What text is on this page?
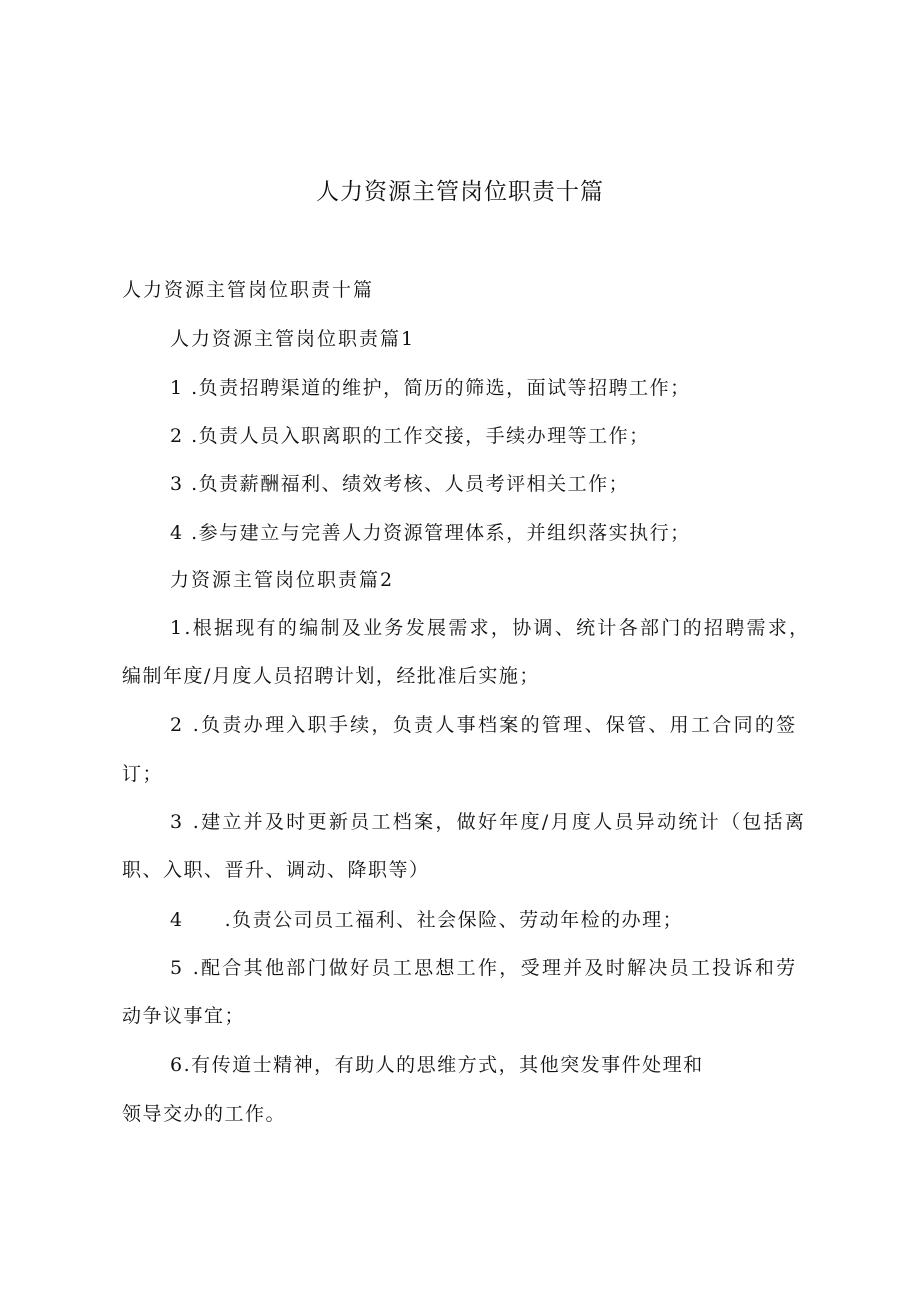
人力资源主管岗位职责十篇
人力资源主管岗位职责十篇
人力资源主管岗位职责篇1
1 .负责招聘渠道的维护，简历的筛选，面试等招聘工作；
2 .负责人员入职离职的工作交接，手续办理等工作；
3 .负责薪酬福利、绩效考核、人员考评相关工作；
4 .参与建立与完善人力资源管理体系，并组织落实执行；
力资源主管岗位职责篇2
1.根据现有的编制及业务发展需求，协调、统计各部门的招聘需求，
编制年度/月度人员招聘计划，经批准后实施；
2 .负责办理入职手续，负责人事档案的管理、保管、用工合同的签
订；
3 .建立并及时更新员工档案，做好年度/月度人员异动统计（包括离
职、入职、晋升、调动、降职等）
4　　.负责公司员工福利、社会保险、劳动年检的办理；
5 .配合其他部门做好员工思想工作，受理并及时解决员工投诉和劳
动争议事宜；
6.有传道士精神，有助人的思维方式，其他突发事件处理和
领导交办的工作。
